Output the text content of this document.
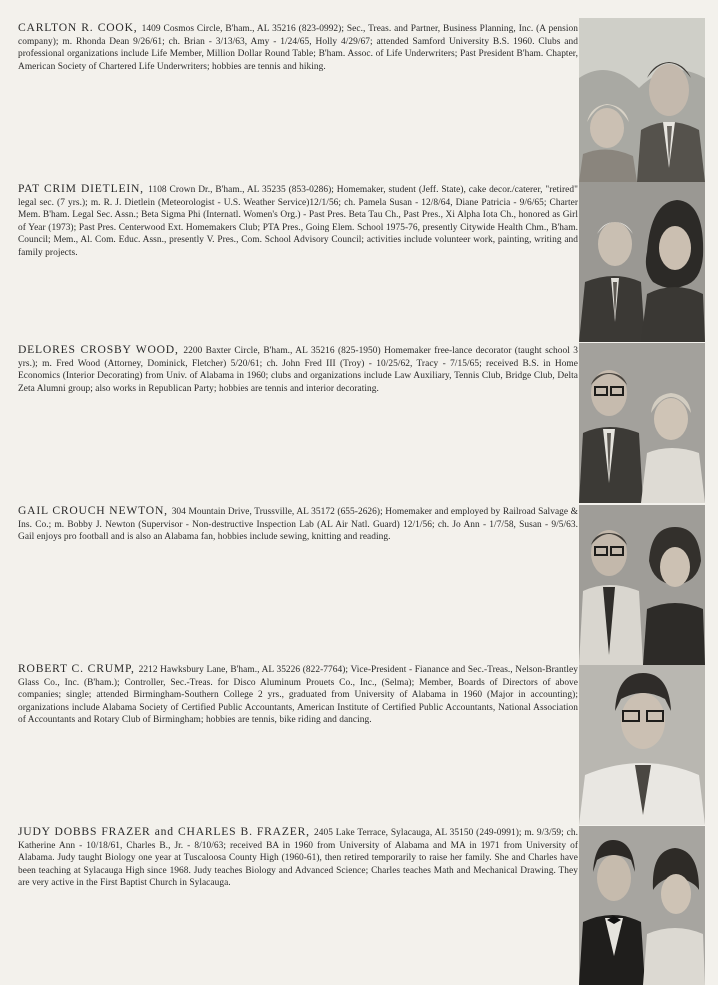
CARLTON R. COOK, 1409 Cosmos Circle, B'ham., AL 35216 (823-0992); Sec., Treas. and Partner, Business Planning, Inc. (A pension company); m. Rhonda Dean 9/26/61; ch. Brian - 3/13/63, Amy - 1/24/65, Holly 4/29/67; attended Samford University B.S. 1960. Clubs and professional organizations include Life Member, Million Dollar Round Table; B'ham. Assoc. of Life Underwriters; Past President B'ham. Chapter, American Society of Chartered Life Underwriters; hobbies are tennis and hiking.
PAT CRIM DIETLEIN, 1108 Crown Dr., B'ham., AL 35235 (853-0286); Homemaker, student (Jeff. State), cake decor./caterer, "retired" legal sec. (7 yrs.); m. R. J. Dietlein (Meteorologist - U.S. Weather Service)12/1/56; ch. Pamela Susan - 12/8/64, Diane Patricia - 9/6/65; Charter Mem. B'ham. Legal Sec. Assn.; Beta Sigma Phi (Internatl. Women's Org.) - Past Pres. Beta Tau Ch., Past Pres., Xi Alpha Iota Ch., honored as Girl of Year (1973); Past Pres. Centerwood Ext. Homemakers Club; PTA Pres., Going Elem. School 1975-76, presently Citywide Health Chm., B'ham. Council; Mem., Al. Com. Educ. Assn., presently V. Pres., Com. School Advisory Council; activities include volunteer work, painting, writing and family projects.
DELORES CROSBY WOOD, 2200 Baxter Circle, B'ham., AL 35216 (825-1950) Homemaker free-lance decorator (taught school 3 yrs.); m. Fred Wood (Attorney, Dominick, Fletcher) 5/20/61; ch. John Fred III (Troy) - 10/25/62, Tracy - 7/15/65; received B.S. in Home Economics (Interior Decorating) from Univ. of Alabama in 1960; clubs and organizations include Law Auxiliary, Tennis Club, Bridge Club, Delta Zeta Alumni group; also works in Republican Party; hobbies are tennis and interior decorating.
GAIL CROUCH NEWTON, 304 Mountain Drive, Trussville, AL 35172 (655-2626); Homemaker and employed by Railroad Salvage & Ins. Co.; m. Bobby J. Newton (Supervisor - Non-destructive Inspection Lab (AL Air Natl. Guard) 12/1/56; ch. Jo Ann - 1/7/58, Susan - 9/5/63. Gail enjoys pro football and is also an Alabama fan, hobbies include sewing, knitting and reading.
ROBERT C. CRUMP, 2212 Hawksbury Lane, B'ham., AL 35226 (822-7764); Vice-President - Fianance and Sec.-Treas., Nelson-Brantley Glass Co., Inc. (B'ham.); Controller, Sec.-Treas. for Disco Aluminum Prouets Co., Inc., (Selma); Member, Boards of Directors of above companies; single; attended Birmingham-Southern College 2 yrs., graduated from University of Alabama in 1960 (Major in accounting); organizations include Alabama Society of Certified Public Accountants, American Institute of Certified Public Accountants, National Association of Accountants and Rotary Club of Birmingham; hobbies are tennis, bike riding and dancing.
JUDY DOBBS FRAZER and CHARLES B. FRAZER, 2405 Lake Terrace, Sylacauga, AL 35150 (249-0991); m. 9/3/59; ch. Katherine Ann - 10/18/61, Charles B., Jr. - 8/10/63; received BA in 1960 from University of Alabama and MA in 1971 from University of Alabama. Judy taught Biology one year at Tuscaloosa County High (1960-61), then retired temporarily to raise her family. She and Charles have been teaching at Sylacauga High since 1968. Judy teaches Biology and Advanced Science; Charles teaches Math and Mechanical Drawing. They are very active in the First Baptist Church in Sylacauga.
